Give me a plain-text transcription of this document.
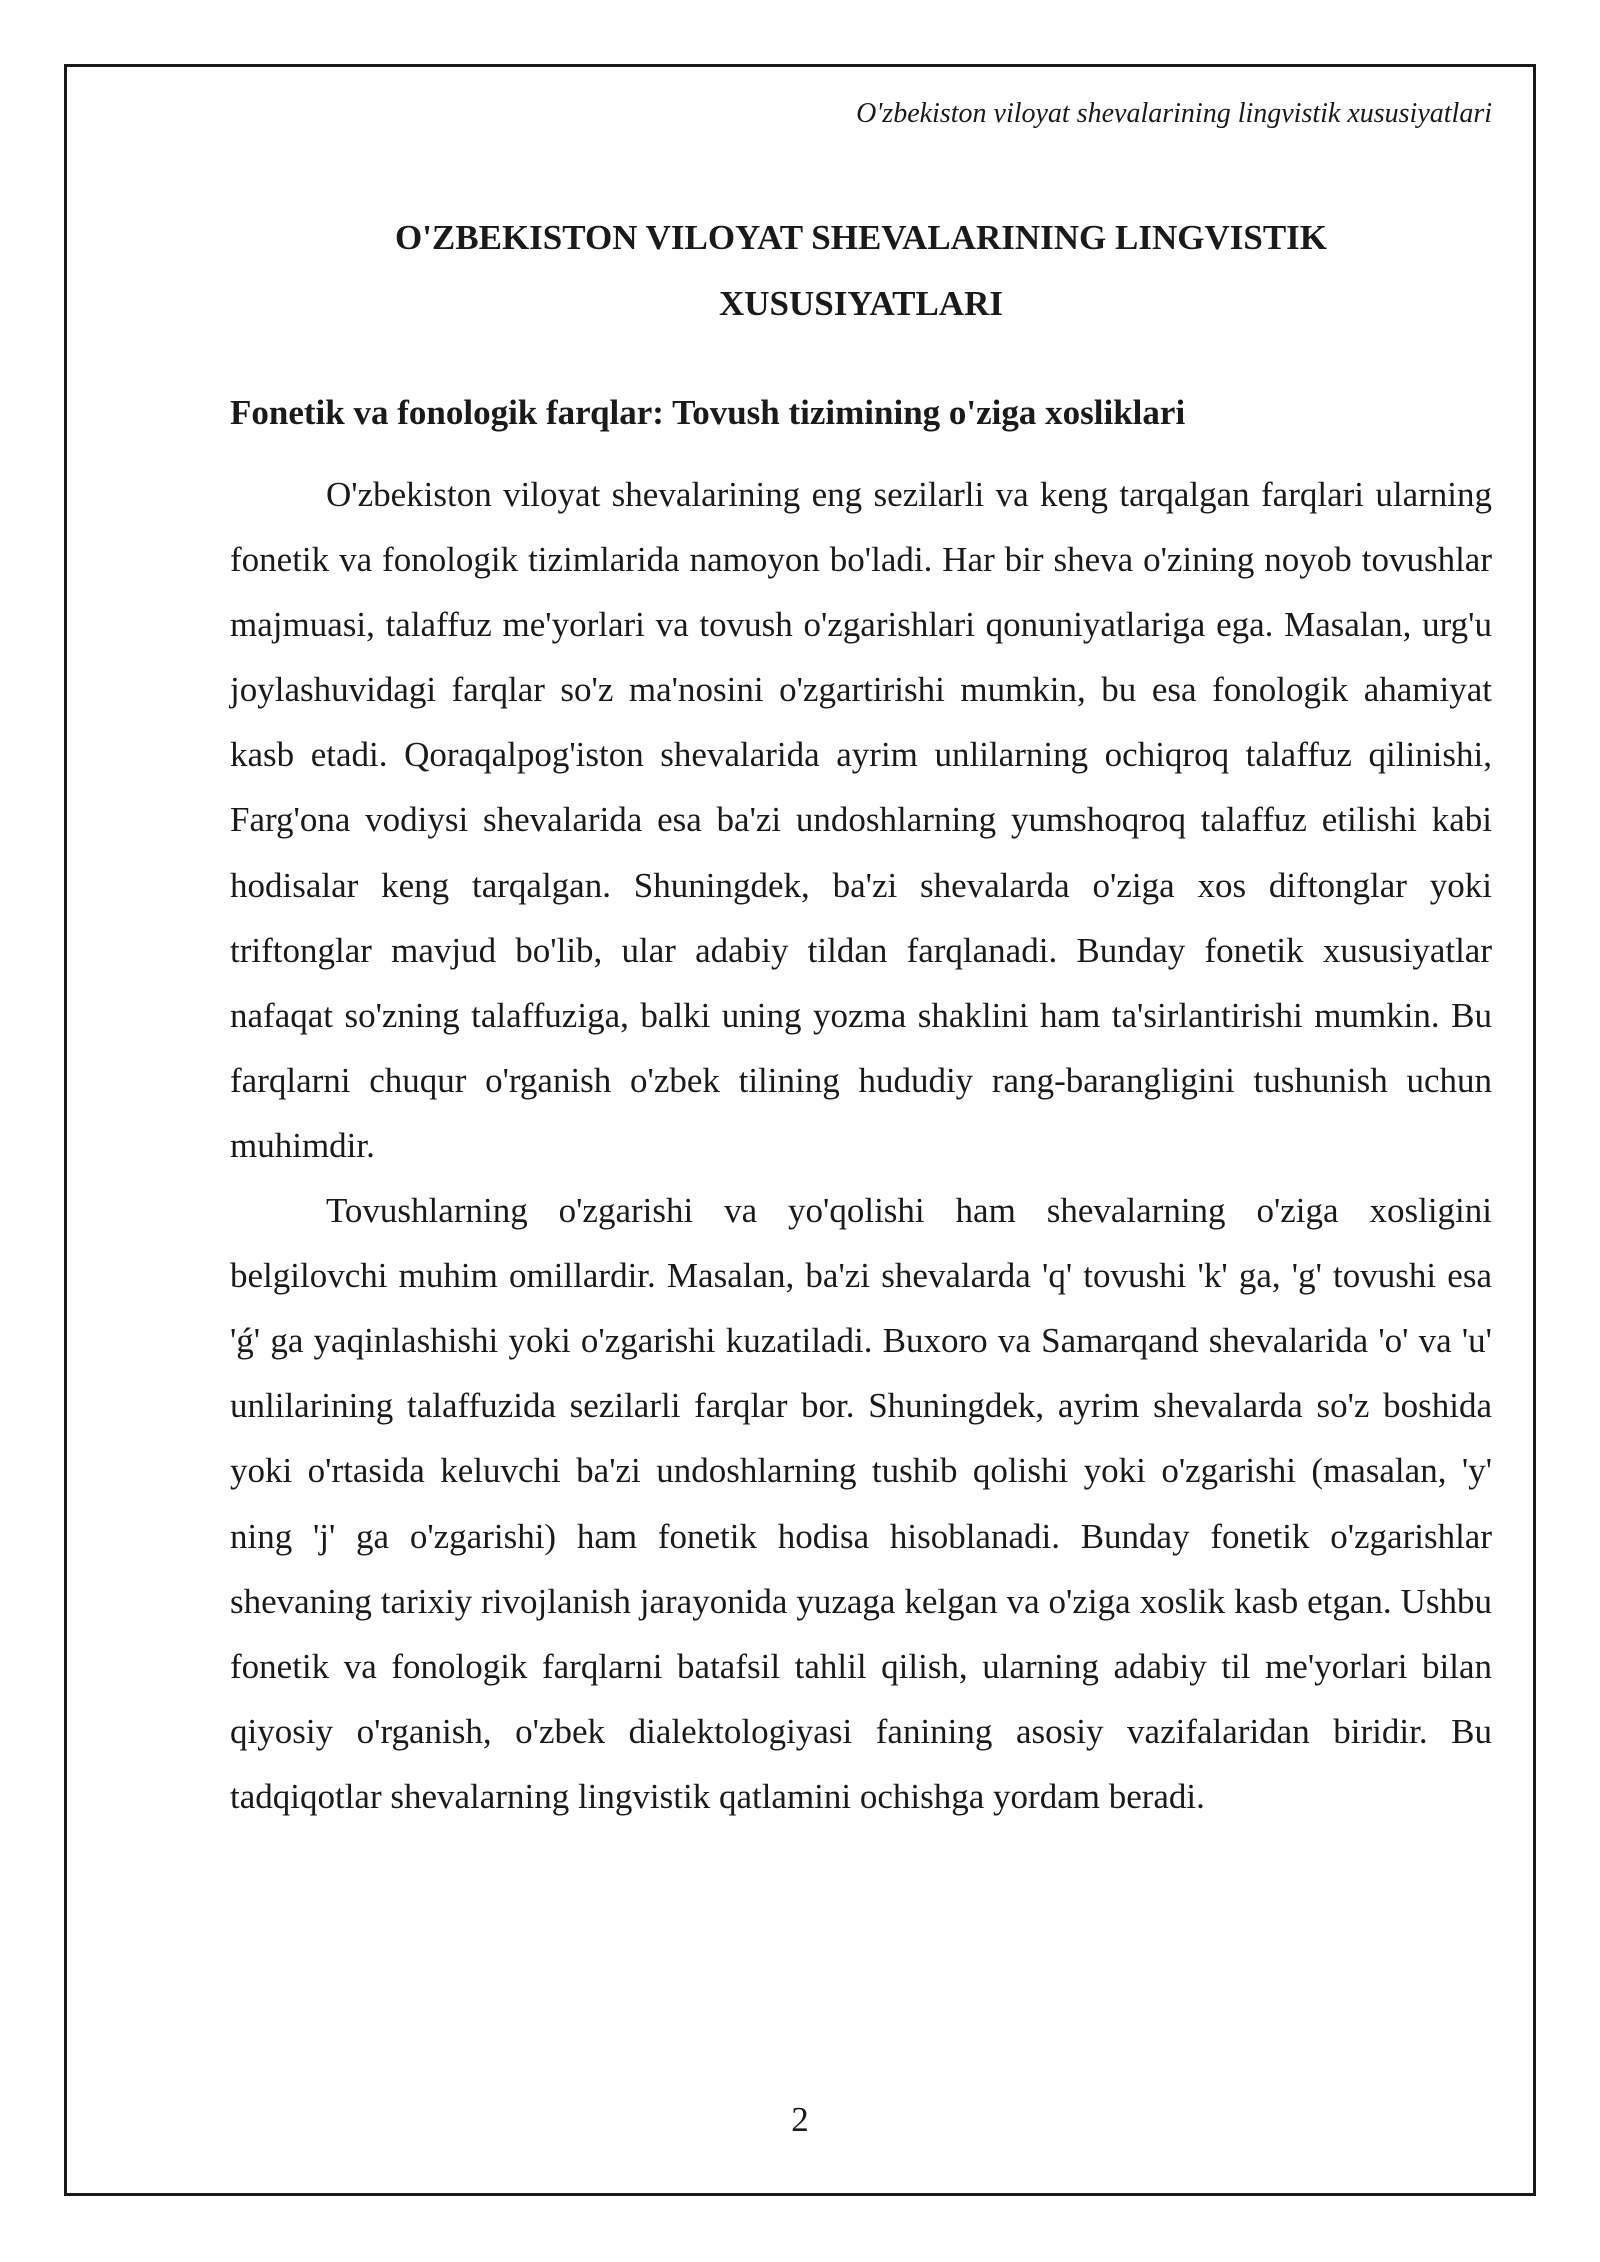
O'zbekiston viloyat shevalarining lingvistik xususiyatlari
O'ZBEKISTON VILOYAT SHEVALARINING LINGVISTIK
XUSUSIYATLARI
Fonetik va fonologik farqlar: Tovush tizimining o'ziga xosliklari

O'zbekiston viloyat shevalarining eng sezilarli va keng tarqalgan farqlari ularning fonetik va fonologik tizimlarida namoyon bo'ladi. Har bir sheva o'zining noyob tovushlar majmuasi, talaffuz me'yorlari va tovush o'zgarishlari qonuniyatlariga ega. Masalan, urg'u joylashuvidagi farqlar so'z ma'nosini o'zgartirishi mumkin, bu esa fonologik ahamiyat kasb etadi. Qoraqalpog'iston shevalarida ayrim unlilarning ochiqroq talaffuz qilinishi, Farg'ona vodiysi shevalarida esa ba'zi undoshlarning yumshoqroq talaffuz etilishi kabi hodisalar keng tarqalgan. Shuningdek, ba'zi shevalarda o'ziga xos diftonglar yoki triftonglar mavjud bo'lib, ular adabiy tildan farqlanadi. Bunday fonetik xususiyatlar nafaqat so'zning talaffuziga, balki uning yozma shaklini ham ta'sirlantirishi mumkin. Bu farqlarni chuqur o'rganish o'zbek tilining hududiy rang-barangligini tushunish uchun muhimdir.

Tovushlarning o'zgarishi va yo'qolishi ham shevalarning o'ziga xosligini belgilovchi muhim omillardir. Masalan, ba'zi shevalarda 'q' tovushi 'k' ga, 'g' tovushi esa 'ǵ' ga yaqinlashishi yoki o'zgarishi kuzatiladi. Buxoro va Samarqand shevalarida 'o' va 'u' unlilarining talaffuzida sezilarli farqlar bor. Shuningdek, ayrim shevalarda so'z boshida yoki o'rtasida keluvchi ba'zi undoshlarning tushib qolishi yoki o'zgarishi (masalan, 'y' ning 'j' ga o'zgarishi) ham fonetik hodisa hisoblanadi. Bunday fonetik o'zgarishlar shevaning tarixiy rivojlanish jarayonida yuzaga kelgan va o'ziga xoslik kasb etgan. Ushbu fonetik va fonologik farqlarni batafsil tahlil qilish, ularning adabiy til me'yorlari bilan qiyosiy o'rganish, o'zbek dialektologiyasi fanining asosiy vazifalaridan biridir. Bu tadqiqotlar shevalarning lingvistik qatlamini ochishga yordam beradi.

2
